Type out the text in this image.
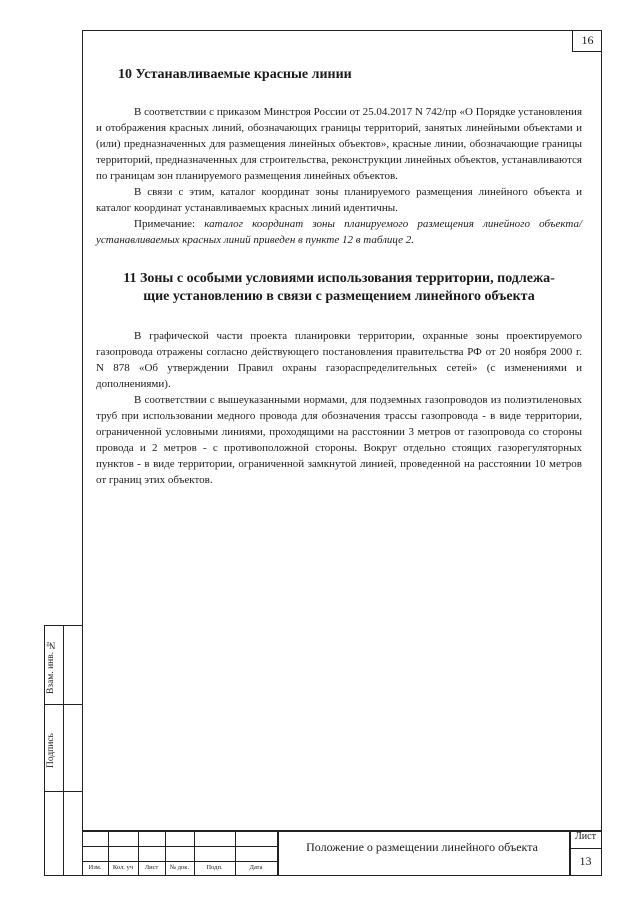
16
10 Устанавливаемые красные линии

В соответствии с приказом Минстроя России от 25.04.2017 N 742/пр «О Порядке установления и отображения красных линий, обозначающих границы территорий, занятых линейными объектами и (или) предназначенных для размещения линейных объектов», красные линии, обозначающие границы территорий, предназначенных для строительства, реконструкции линейных объектов, устанавливаются по границам зон планируемого размещения линейных объектов.

В связи с этим, каталог координат зоны планируемого размещения линейного объекта и каталог координат устанавливаемых красных линий идентичны.

Примечание: каталог координат зоны планируемого размещения линейного объекта/ устанавливаемых красных линий приведен в пункте 12 в таблице 2.

11 Зоны с особыми условиями использования территории, подлежа-
щие установлению в связи с размещением линейного объекта

В графической части проекта планировки территории, охранные зоны проектируемого газопровода отражены согласно действующего постановления правительства РФ от 20 ноября 2000 г. N 878 «Об утверждении Правил охраны газораспределительных сетей» (с изменениями и дополнениями).

В соответствии с вышеуказанными нормами, для подземных газопроводов из полиэтиленовых труб при использовании медного провода для обозначения трассы газопровода - в виде территории, ограниченной условными линиями, проходящими на расстоянии 3 метров от газопровода со стороны провода и 2 метров - с противоположной стороны. Вокруг отдельно стоящих газорегуляторных пунктов - в виде территории, ограниченной замкнутой линией, проведенной на расстоянии 10 метров от границ этих объектов.

Взам. инв. №
Подпись
Изм.	Кол. уч	Лист	№ док.	Подп.	Дата
Положение о размещении линейного объекта
Лист
13
